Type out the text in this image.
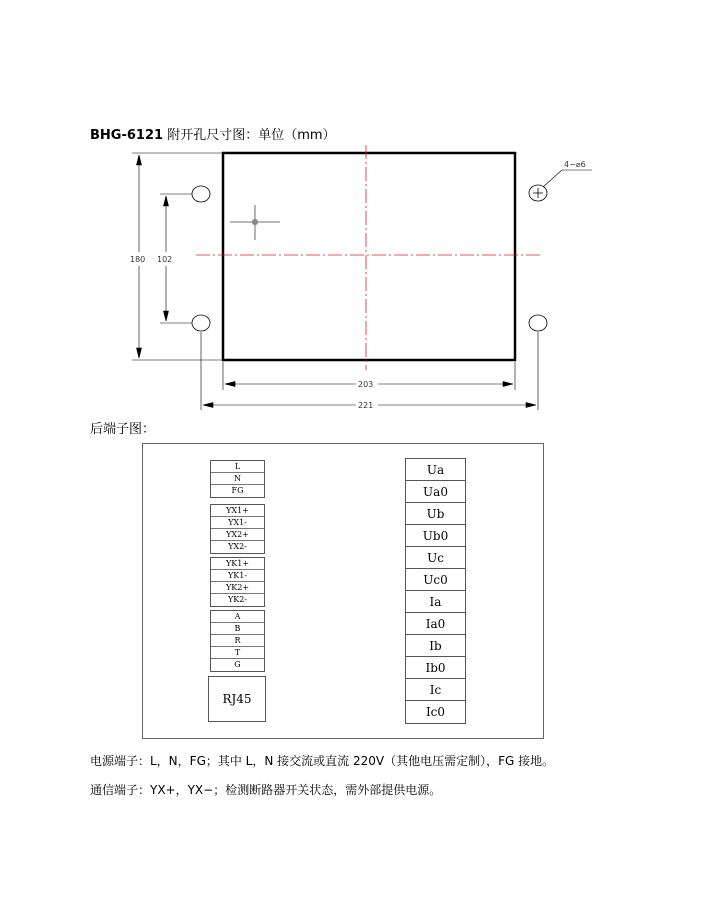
BHG-6121 附开孔尺寸图：单位（mm）
4−⌀6
180 102
203
221
后端子图：
L
N
FG
YX1+
YX1-
YX2+
YX2-
YK1+
YK1-
YK2+
YK2-
A
B
R
T
G
RJ45
Ua
Ua0
Ub
Ub0
Uc
Uc0
Ia
Ia0
Ib
Ib0
Ic
Ic0
电源端子：L，N，FG；其中 L，N 接交流或直流 220V（其他电压需定制），FG 接地。
通信端子：YX+，YX−；检测断路器开关状态，需外部提供电源。
